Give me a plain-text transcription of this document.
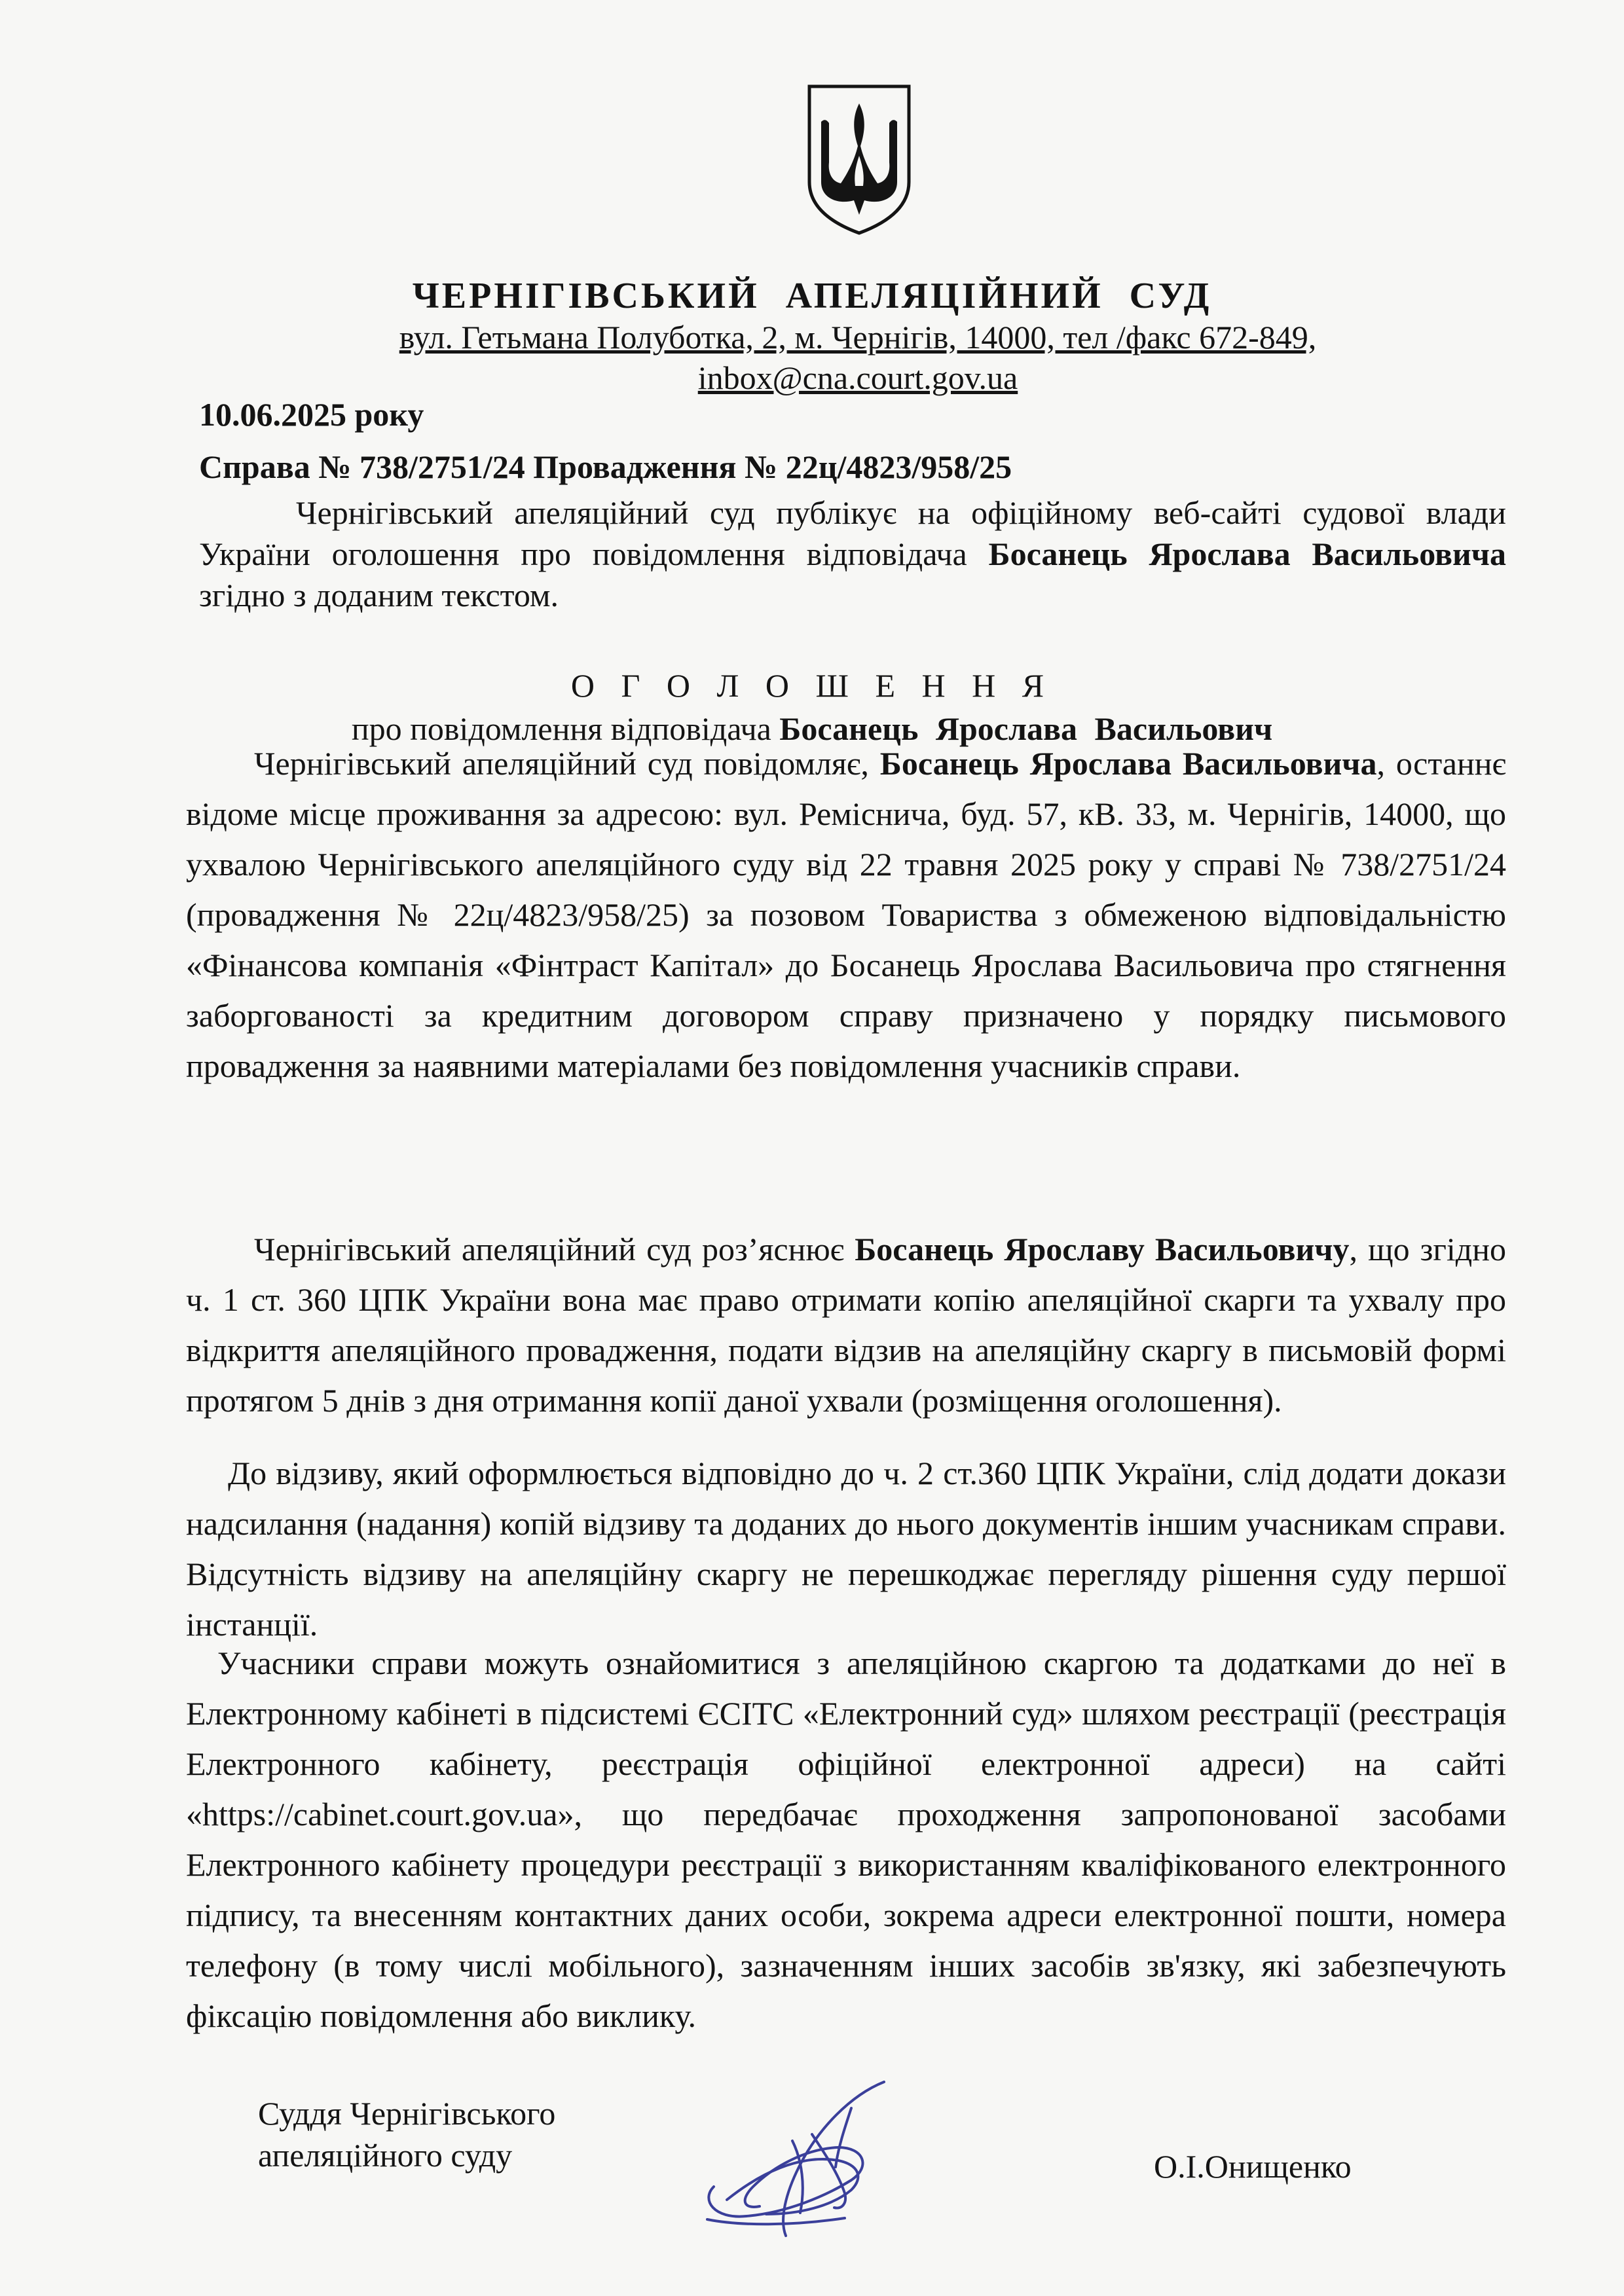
ЧЕРНІГІВСЬКИЙ АПЕЛЯЦІЙНИЙ СУД
вул. Гетьмана Полуботка, 2, м. Чернігів, 14000, тел /факс 672-849, inbox@cna.court.gov.ua
10.06.2025 року
Справа № 738/2751/24 Провадження № 22ц/4823/958/25
Чернігівський апеляційний суд публікує на офіційному веб-сайті судової влади України оголошення про повідомлення відповідача Босанець Ярослава Васильовича згідно з доданим текстом.
О Г О Л О Ш Е Н Н Я
про повідомлення відповідача Босанець Ярослава Васильович
Чернігівський апеляційний суд повідомляє, Босанець Ярослава Васильовича, останнє відоме місце проживання за адресою: вул. Реміснича, буд. 57, кВ. 33, м. Чернігів, 14000, що ухвалою Чернігівського апеляційного суду від 22 травня 2025 року у справі № 738/2751/24 (провадження № 22ц/4823/958/25) за позовом Товариства з обмеженою відповідальністю «Фінансова компанія «Фінтраст Капітал» до Босанець Ярослава Васильовича про стягнення заборгованості за кредитним договором справу призначено у порядку письмового провадження за наявними матеріалами без повідомлення учасників справи.
Чернігівський апеляційний суд роз’яснює Босанець Ярославу Васильовичу, що згідно ч. 1 ст. 360 ЦПК України вона має право отримати копію апеляційної скарги та ухвалу про відкриття апеляційного провадження, подати відзив на апеляційну скаргу в письмовій формі протягом 5 днів з дня отримання копії даної ухвали (розміщення оголошення).
До відзиву, який оформлюється відповідно до ч. 2 ст.360 ЦПК України, слід додати докази надсилання (надання) копій відзиву та доданих до нього документів іншим учасникам справи. Відсутність відзиву на апеляційну скаргу не перешкоджає перегляду рішення суду першої інстанції.
Учасники справи можуть ознайомитися з апеляційною скаргою та додатками до неї в Електронному кабінеті в підсистемі ЄСІТС «Електронний суд» шляхом реєстрації (реєстрація Електронного кабінету, реєстрація офіційної електронної адреси) на сайті «https://cabinet.court.gov.ua», що передбачає проходження запропонованої засобами Електронного кабінету процедури реєстрації з використанням кваліфікованого електронного підпису, та внесенням контактних даних особи, зокрема адреси електронної пошти, номера телефону (в тому числі мобільного), зазначенням інших засобів зв'язку, які забезпечують фіксацію повідомлення або виклику.
Суддя Чернігівського
апеляційного суду	О.І.Онищенко
